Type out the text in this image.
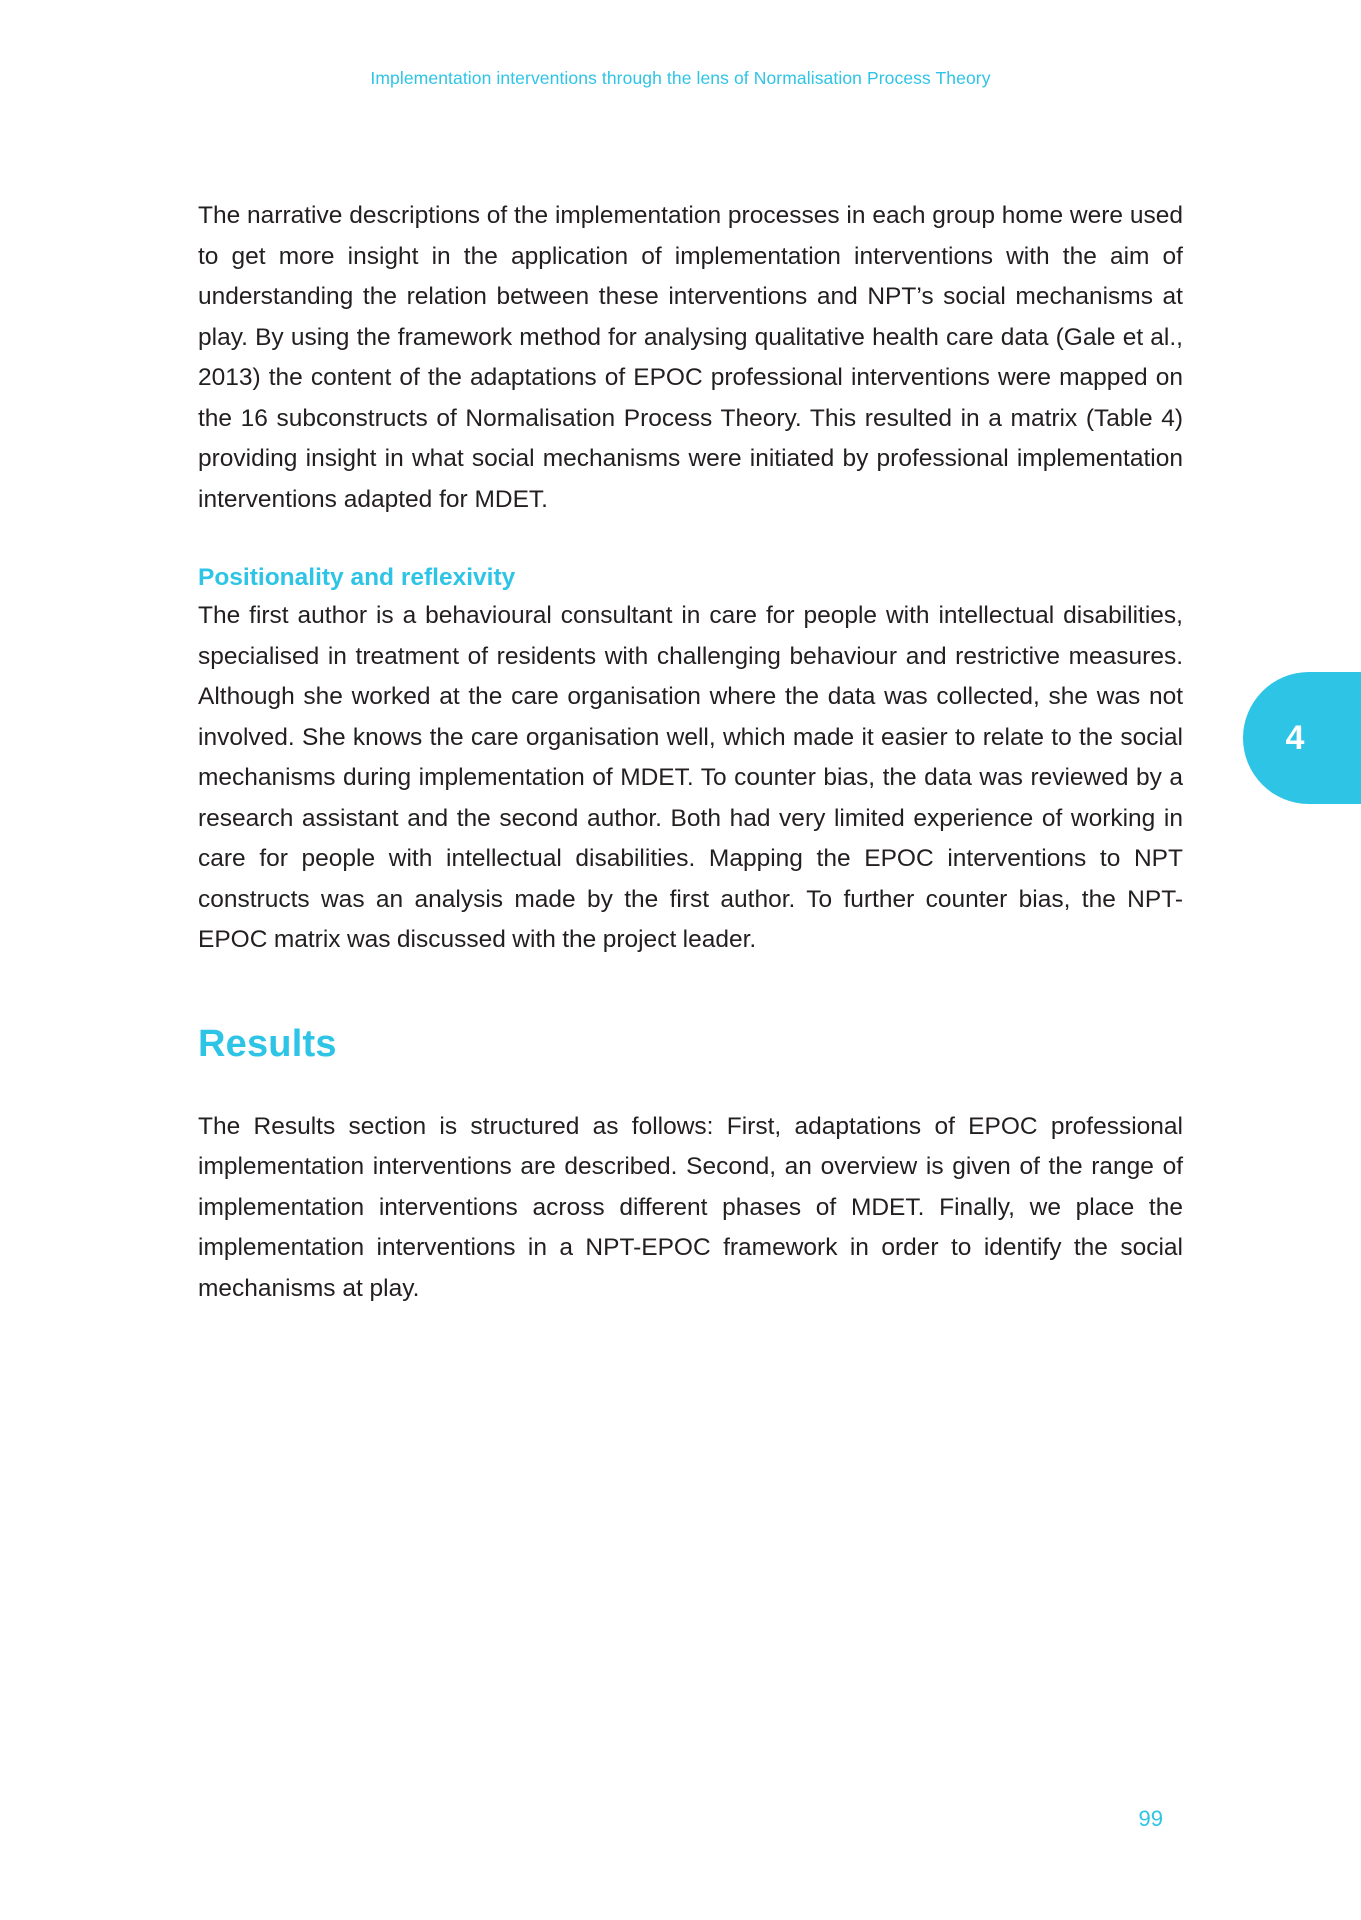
Implementation interventions through the lens of Normalisation Process Theory

The narrative descriptions of the implementation processes in each group home were used to get more insight in the application of implementation interventions with the aim of understanding the relation between these interventions and NPT’s social mechanisms at play. By using the framework method for analysing qualitative health care data (Gale et al., 2013) the content of the adaptations of EPOC professional interventions were mapped on the 16 subconstructs of Normalisation Process Theory. This resulted in a matrix (Table 4) providing insight in what social mechanisms were initiated by professional implementation interventions adapted for MDET.

Positionality and reflexivity

The first author is a behavioural consultant in care for people with intellectual disabilities, specialised in treatment of residents with challenging behaviour and restrictive measures. Although she worked at the care organisation where the data was collected, she was not involved. She knows the care organisation well, which made it easier to relate to the social mechanisms during implementation of MDET. To counter bias, the data was reviewed by a research assistant and the second author. Both had very limited experience of working in care for people with intellectual disabilities. Mapping the EPOC interventions to NPT constructs was an analysis made by the first author. To further counter bias, the NPT-EPOC matrix was discussed with the project leader.

Results

The Results section is structured as follows: First, adaptations of EPOC professional implementation interventions are described. Second, an overview is given of the range of implementation interventions across different phases of MDET. Finally, we place the implementation interventions in a NPT-EPOC framework in order to identify the social mechanisms at play.

4
99
